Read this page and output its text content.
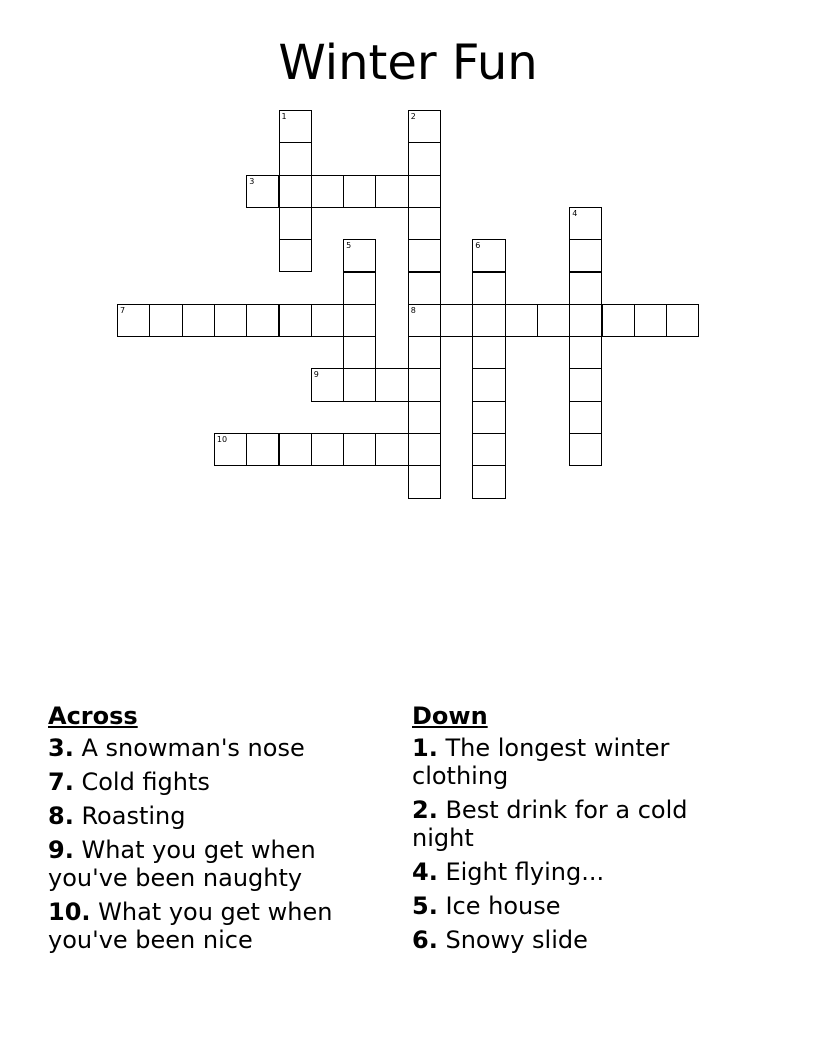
Winter Fun
1	2
3
4
5	6
7	8
9
10
Across
3. A snowman's nose
7. Cold fights
8. Roasting
9. What you get when you've been naughty
10. What you get when you've been nice
Down
1. The longest winter clothing
2. Best drink for a cold night
4. Eight flying...
5. Ice house
6. Snowy slide
